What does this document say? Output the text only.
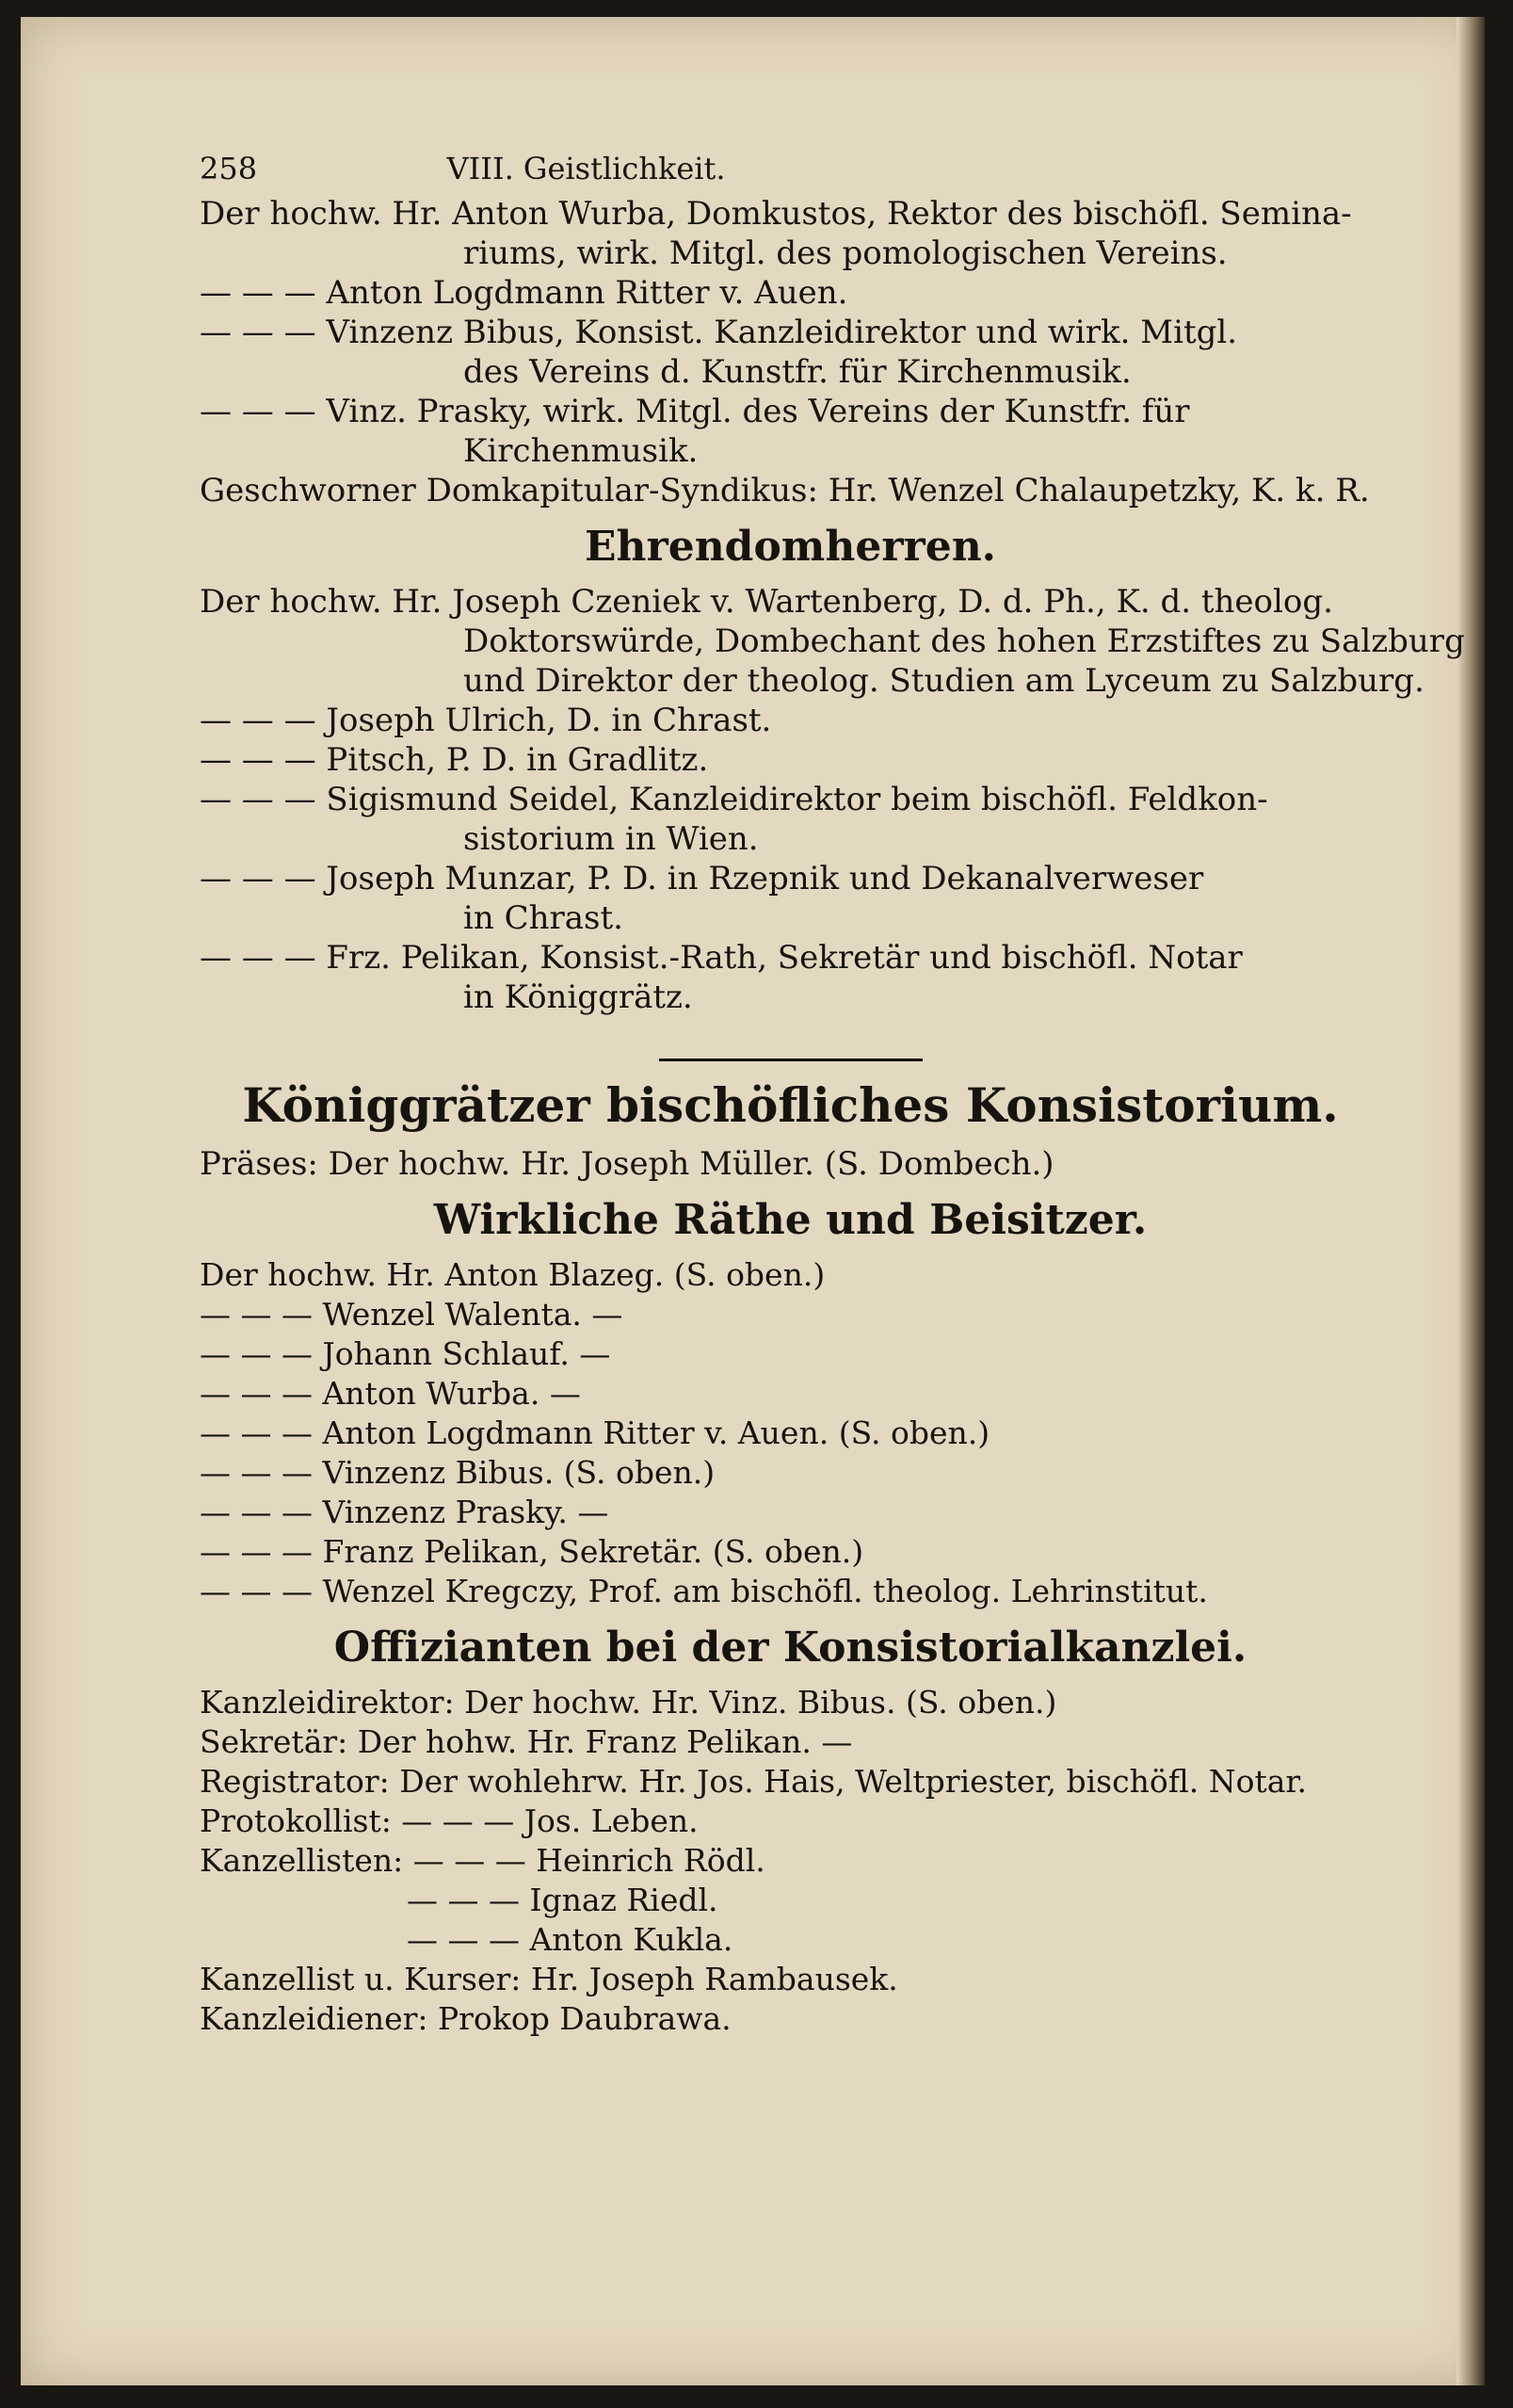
258	VIII. Geistlichkeit.
Der hochw. Hr. Anton Wurba, Domkustos, Rektor des bischöfl. Semina-
riums, wirk. Mitgl. des pomologischen Vereins.
— — — Anton Logdmann Ritter v. Auen.
— — — Vinzenz Bibus, Konsist. Kanzleidirektor und wirk. Mitgl.
des Vereins d. Kunstfr. für Kirchenmusik.
— — — Vinz. Prasky, wirk. Mitgl. des Vereins der Kunstfr. für
Kirchenmusik.
Geschworner Domkapitular-Syndikus: Hr. Wenzel Chalaupetzky, K. k. R.
Ehrendomherren.
Der hochw. Hr. Joseph Czeniek v. Wartenberg, D. d. Ph., K. d. theolog.
Doktorswürde, Dombechant des hohen Erzstiftes zu Salzburg
und Direktor der theolog. Studien am Lyceum zu Salzburg.
— — — Joseph Ulrich, D. in Chrast.
— — — Pitsch, P. D. in Gradlitz.
— — — Sigismund Seidel, Kanzleidirektor beim bischöfl. Feldkon-
sistorium in Wien.
— — — Joseph Munzar, P. D. in Rzepnik und Dekanalverweser
in Chrast.
— — — Frz. Pelikan, Konsist.-Rath, Sekretär und bischöfl. Notar
in Königgrätz.
Königgrätzer bischöfliches Konsistorium.
Präses: Der hochw. Hr. Joseph Müller. (S. Dombech.)
Wirkliche Räthe und Beisitzer.
Der hochw. Hr. Anton Blazeg. (S. oben.)
— — — Wenzel Walenta. —
— — — Johann Schlauf. —
— — — Anton Wurba. —
— — — Anton Logdmann Ritter v. Auen. (S. oben.)
— — — Vinzenz Bibus. (S. oben.)
— — — Vinzenz Prasky. —
— — — Franz Pelikan, Sekretär. (S. oben.)
— — — Wenzel Kregczy, Prof. am bischöfl. theolog. Lehrinstitut.
Offizianten bei der Konsistorialkanzlei.
Kanzleidirektor: Der hochw. Hr. Vinz. Bibus. (S. oben.)
Sekretär: Der hohw. Hr. Franz Pelikan. —
Registrator: Der wohlehrw. Hr. Jos. Hais, Weltpriester, bischöfl. Notar.
Protokollist: — — — Jos. Leben.
Kanzellisten: — — — Heinrich Rödl.
— — — Ignaz Riedl.
— — — Anton Kukla.
Kanzellist u. Kurser: Hr. Joseph Rambausek.
Kanzleidiener: Prokop Daubrawa.
